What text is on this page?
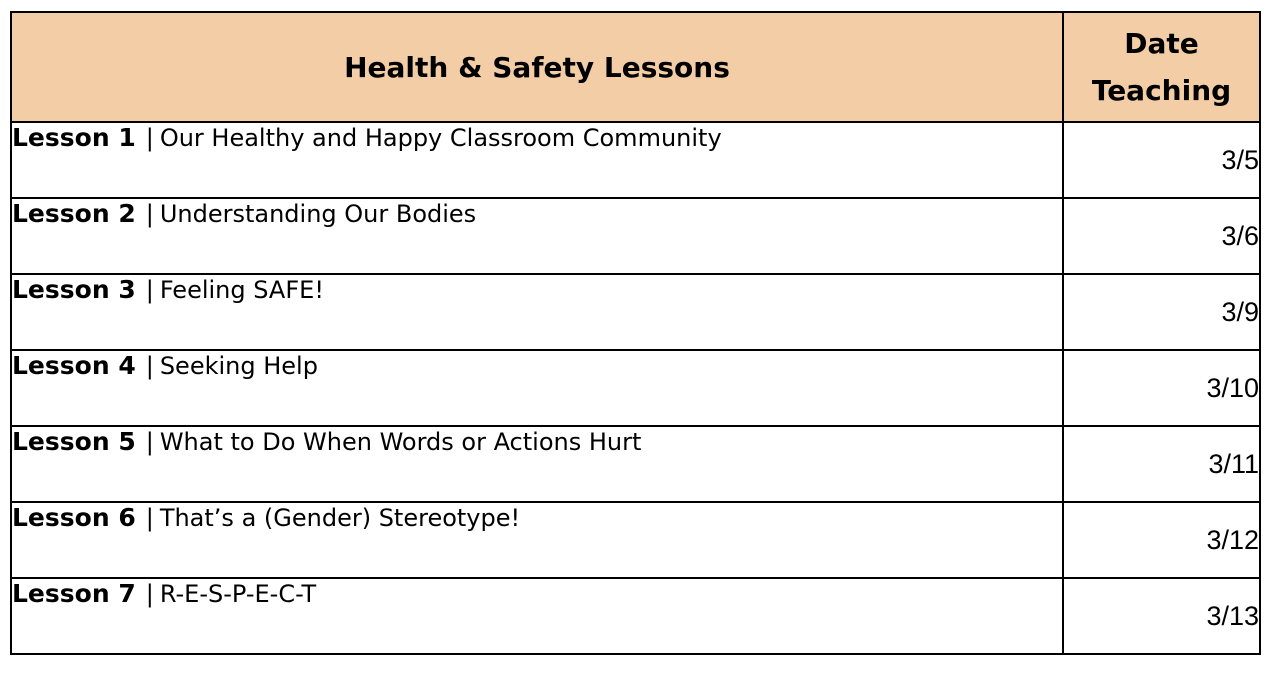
Health & Safety Lessons	Date
Teaching
Lesson 1 | Our Healthy and Happy Classroom Community	3/5
Lesson 2 | Understanding Our Bodies	3/6
Lesson 3 | Feeling SAFE!	3/9
Lesson 4 | Seeking Help	3/10
Lesson 5 | What to Do When Words or Actions Hurt	3/11
Lesson 6 | That’s a (Gender) Stereotype!	3/12
Lesson 7 | R-E-S-P-E-C-T	3/13
